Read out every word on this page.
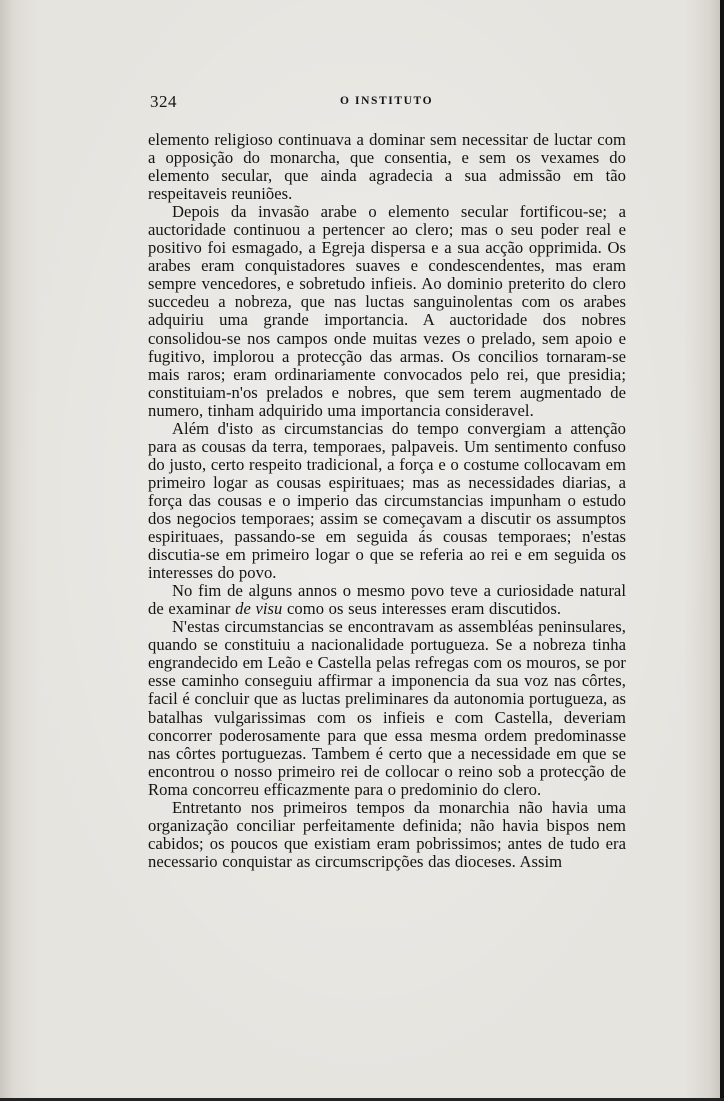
324	O INSTITUTO

elemento religioso continuava a dominar sem necessitar de luctar com a opposição do monarcha, que consentia, e sem os vexames do elemento secular, que ainda agradecia a sua admissão em tão respeitaveis reuniões.

Depois da invasão arabe o elemento secular fortificou-se; a auctoridade continuou a pertencer ao clero; mas o seu poder real e positivo foi esmagado, a Egreja dispersa e a sua acção opprimida. Os arabes eram conquistadores suaves e condescendentes, mas eram sempre vencedores, e sobretudo infieis. Ao dominio preterito do clero succedeu a nobreza, que nas luctas sanguinolentas com os arabes adquiriu uma grande importancia. A auctoridade dos nobres consolidou-se nos campos onde muitas vezes o prelado, sem apoio e fugitivo, implorou a protecção das armas. Os concilios tornaram-se mais raros; eram ordinariamente convocados pelo rei, que presidia; constituiam-n'os prelados e nobres, que sem terem augmentado de numero, tinham adquirido uma importancia consideravel.

Além d'isto as circumstancias do tempo convergiam a attenção para as cousas da terra, temporaes, palpaveis. Um sentimento confuso do justo, certo respeito tradicional, a força e o costume collocavam em primeiro logar as cousas espirituaes; mas as necessidades diarias, a força das cousas e o imperio das circumstancias impunham o estudo dos negocios temporaes; assim se começavam a discutir os assumptos espirituaes, passando-se em seguida ás cousas temporaes; n'estas discutia-se em primeiro logar o que se referia ao rei e em seguida os interesses do povo.

No fim de alguns annos o mesmo povo teve a curiosidade natural de examinar de visu como os seus interesses eram discutidos.

N'estas circumstancias se encontravam as assembléas peninsulares, quando se constituiu a nacionalidade portugueza. Se a nobreza tinha engrandecido em Leão e Castella pelas refregas com os mouros, se por esse caminho conseguiu affirmar a imponencia da sua voz nas côrtes, facil é concluir que as luctas preliminares da autonomia portugueza, as batalhas vulgarissimas com os infieis e com Castella, deveriam concorrer poderosamente para que essa mesma ordem predominasse nas côrtes portuguezas. Tambem é certo que a necessidade em que se encontrou o nosso primeiro rei de collocar o reino sob a protecção de Roma concorreu efficazmente para o predominio do clero.

Entretanto nos primeiros tempos da monarchia não havia uma organização conciliar perfeitamente definida; não havia bispos nem cabidos; os poucos que existiam eram pobrissimos; antes de tudo era necessario conquistar as circumscripções das dioceses. Assim
